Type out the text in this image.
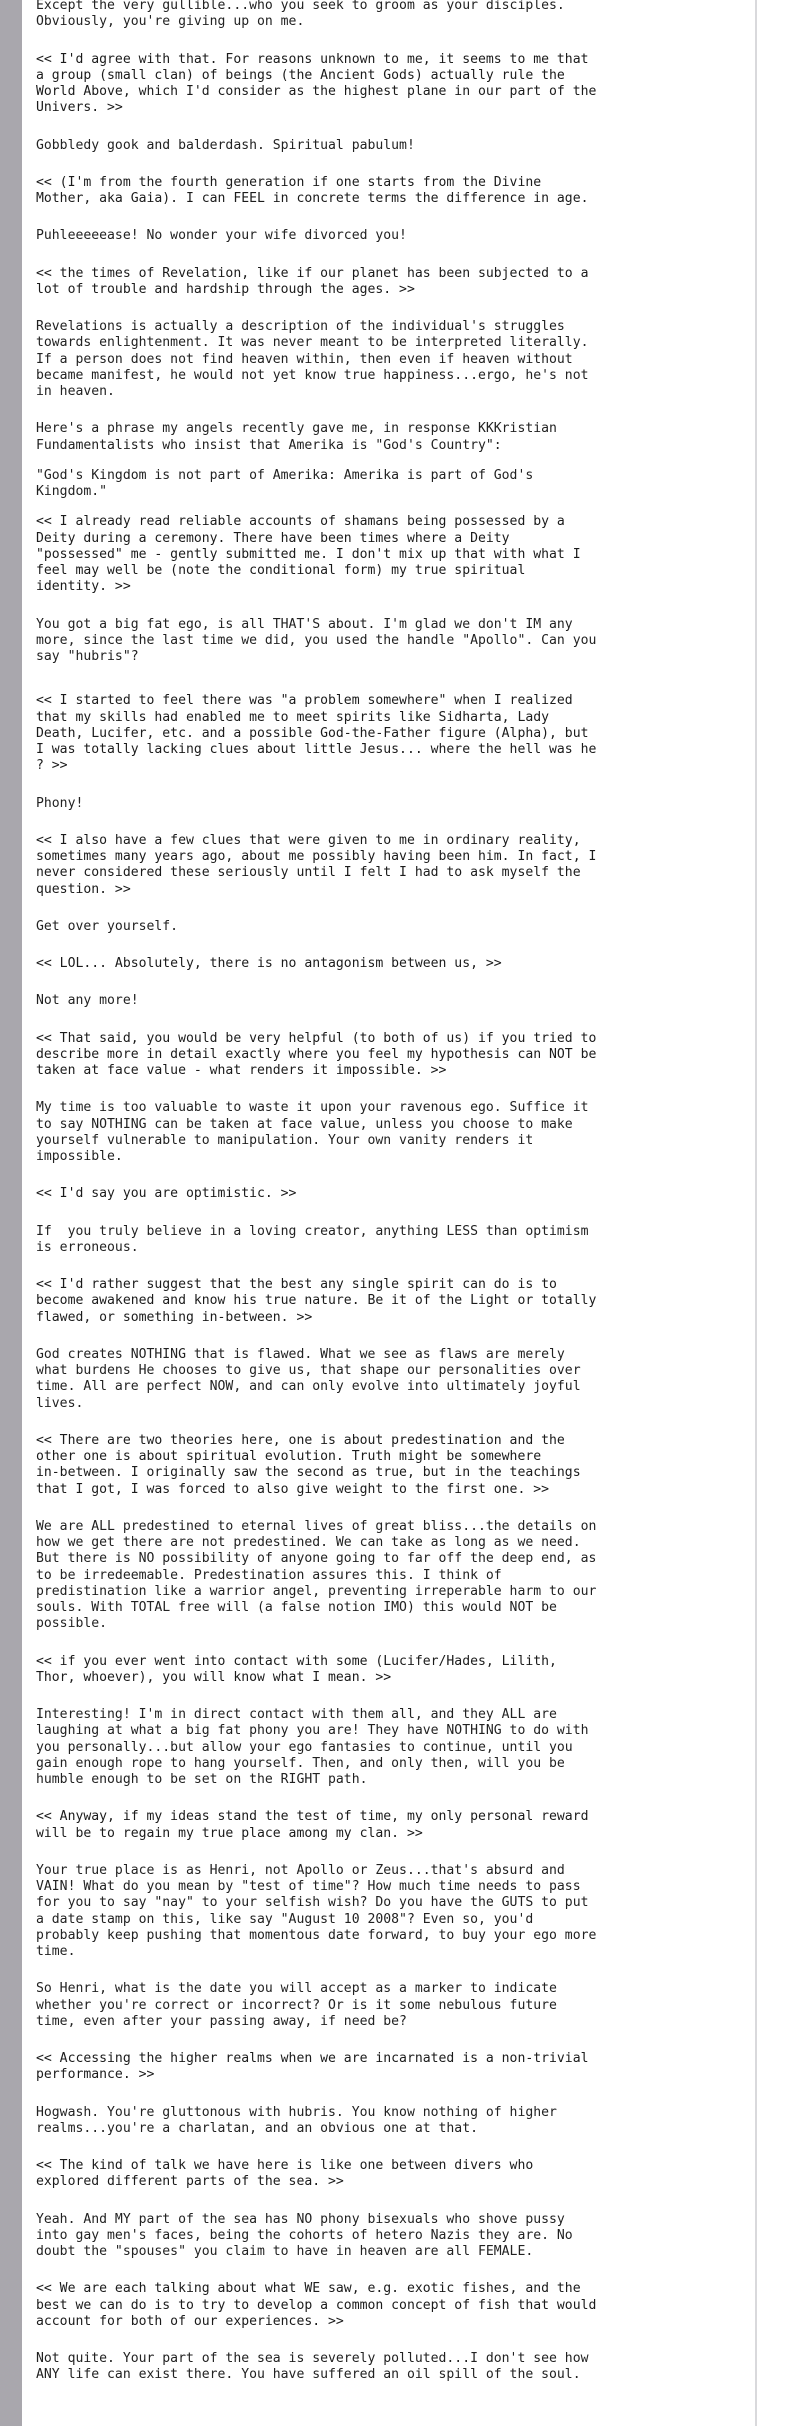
Except the very gullible...who you seek to groom as your disciples.
Obviously, you're giving up on me.

<< I'd agree with that. For reasons unknown to me, it seems to me that
a group (small clan) of beings (the Ancient Gods) actually rule the
World Above, which I'd consider as the highest plane in our part of the
Univers. >>

Gobbledy gook and balderdash. Spiritual pabulum!

<< (I'm from the fourth generation if one starts from the Divine
Mother, aka Gaia). I can FEEL in concrete terms the difference in age.

Puhleeeeease! No wonder your wife divorced you!

<< the times of Revelation, like if our planet has been subjected to a
lot of trouble and hardship through the ages. >>

Revelations is actually a description of the individual's struggles
towards enlightenment. It was never meant to be interpreted literally.
If a person does not find heaven within, then even if heaven without
became manifest, he would not yet know true happiness...ergo, he's not
in heaven.

Here's a phrase my angels recently gave me, in response KKKristian
Fundamentalists who insist that Amerika is "God's Country":

"God's Kingdom is not part of Amerika: Amerika is part of God's
Kingdom."

<< I already read reliable accounts of shamans being possessed by a
Deity during a ceremony. There have been times where a Deity
"possessed" me - gently submitted me. I don't mix up that with what I
feel may well be (note the conditional form) my true spiritual
identity. >>

You got a big fat ego, is all THAT'S about. I'm glad we don't IM any
more, since the last time we did, you used the handle "Apollo". Can you
say "hubris"?

<< I started to feel there was "a problem somewhere" when I realized
that my skills had enabled me to meet spirits like Sidharta, Lady
Death, Lucifer, etc. and a possible God-the-Father figure (Alpha), but
I was totally lacking clues about little Jesus... where the hell was he
? >>

Phony!

<< I also have a few clues that were given to me in ordinary reality,
sometimes many years ago, about me possibly having been him. In fact, I
never considered these seriously until I felt I had to ask myself the
question. >>

Get over yourself.

<< LOL... Absolutely, there is no antagonism between us, >>

Not any more!

<< That said, you would be very helpful (to both of us) if you tried to
describe more in detail exactly where you feel my hypothesis can NOT be
taken at face value - what renders it impossible. >>

My time is too valuable to waste it upon your ravenous ego. Suffice it
to say NOTHING can be taken at face value, unless you choose to make
yourself vulnerable to manipulation. Your own vanity renders it
impossible.

<< I'd say you are optimistic. >>

If  you truly believe in a loving creator, anything LESS than optimism
is erroneous.

<< I'd rather suggest that the best any single spirit can do is to
become awakened and know his true nature. Be it of the Light or totally
flawed, or something in-between. >>

God creates NOTHING that is flawed. What we see as flaws are merely
what burdens He chooses to give us, that shape our personalities over
time. All are perfect NOW, and can only evolve into ultimately joyful
lives.

<< There are two theories here, one is about predestination and the
other one is about spiritual evolution. Truth might be somewhere
in-between. I originally saw the second as true, but in the teachings
that I got, I was forced to also give weight to the first one. >>

We are ALL predestined to eternal lives of great bliss...the details on
how we get there are not predestined. We can take as long as we need.
But there is NO possibility of anyone going to far off the deep end, as
to be irredeemable. Predestination assures this. I think of
predistination like a warrior angel, preventing irreperable harm to our
souls. With TOTAL free will (a false notion IMO) this would NOT be
possible.

<< if you ever went into contact with some (Lucifer/Hades, Lilith,
Thor, whoever), you will know what I mean. >>

Interesting! I'm in direct contact with them all, and they ALL are
laughing at what a big fat phony you are! They have NOTHING to do with
you personally...but allow your ego fantasies to continue, until you
gain enough rope to hang yourself. Then, and only then, will you be
humble enough to be set on the RIGHT path.

<< Anyway, if my ideas stand the test of time, my only personal reward
will be to regain my true place among my clan. >>

Your true place is as Henri, not Apollo or Zeus...that's absurd and
VAIN! What do you mean by "test of time"? How much time needs to pass
for you to say "nay" to your selfish wish? Do you have the GUTS to put
a date stamp on this, like say "August 10 2008"? Even so, you'd
probably keep pushing that momentous date forward, to buy your ego more
time.

So Henri, what is the date you will accept as a marker to indicate
whether you're correct or incorrect? Or is it some nebulous future
time, even after your passing away, if need be?

<< Accessing the higher realms when we are incarnated is a non-trivial
performance. >>

Hogwash. You're gluttonous with hubris. You know nothing of higher
realms...you're a charlatan, and an obvious one at that.

<< The kind of talk we have here is like one between divers who
explored different parts of the sea. >>

Yeah. And MY part of the sea has NO phony bisexuals who shove pussy
into gay men's faces, being the cohorts of hetero Nazis they are. No
doubt the "spouses" you claim to have in heaven are all FEMALE.

<< We are each talking about what WE saw, e.g. exotic fishes, and the
best we can do is to try to develop a common concept of fish that would
account for both of our experiences. >>

Not quite. Your part of the sea is severely polluted...I don't see how
ANY life can exist there. You have suffered an oil spill of the soul.
